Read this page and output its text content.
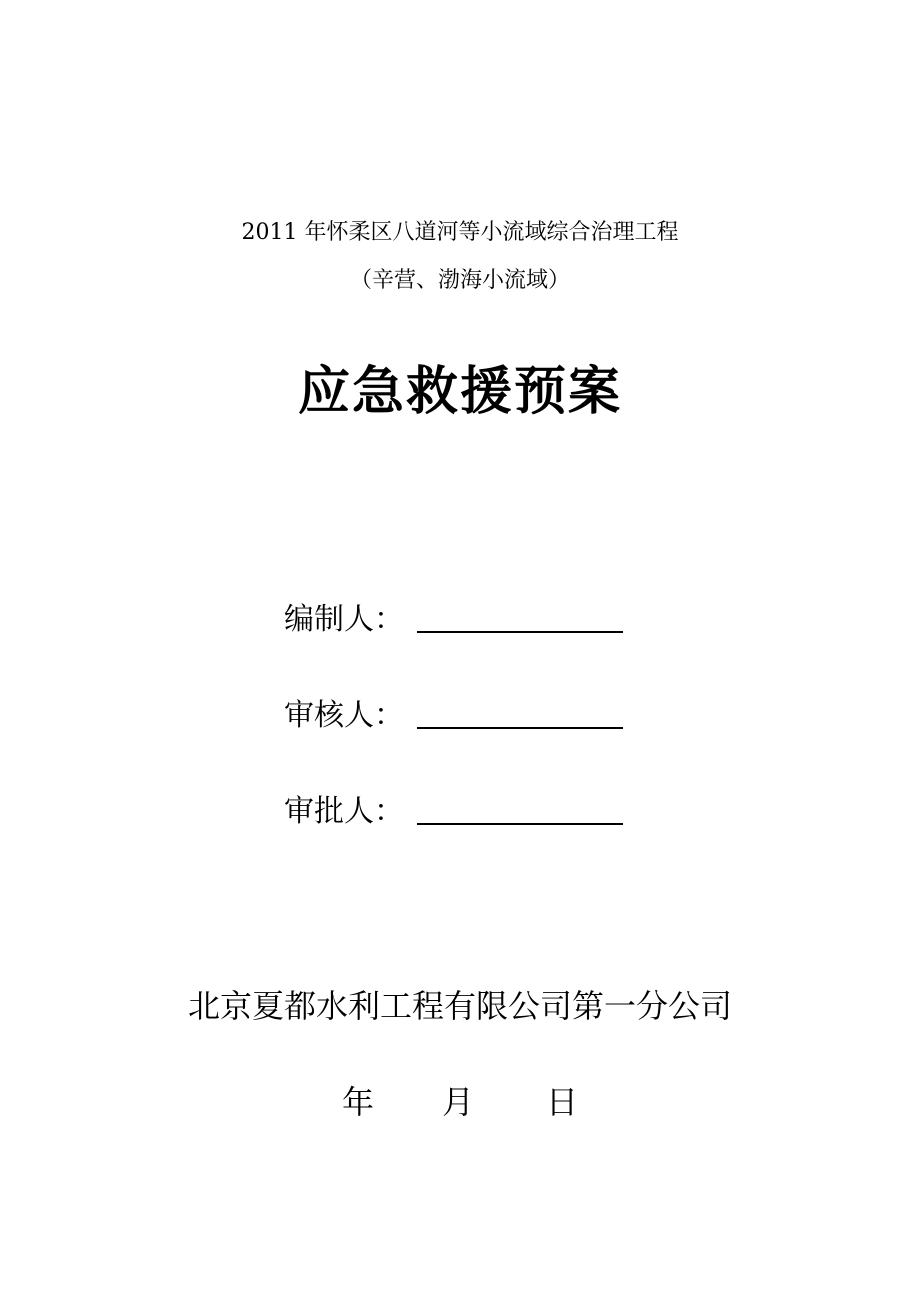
2011 年怀柔区八道河等小流域综合治理工程
（辛营、渤海小流域）
应急救援预案
编制人：
审核人：
审批人：
北京夏都水利工程有限公司第一分公司
年 月 日
